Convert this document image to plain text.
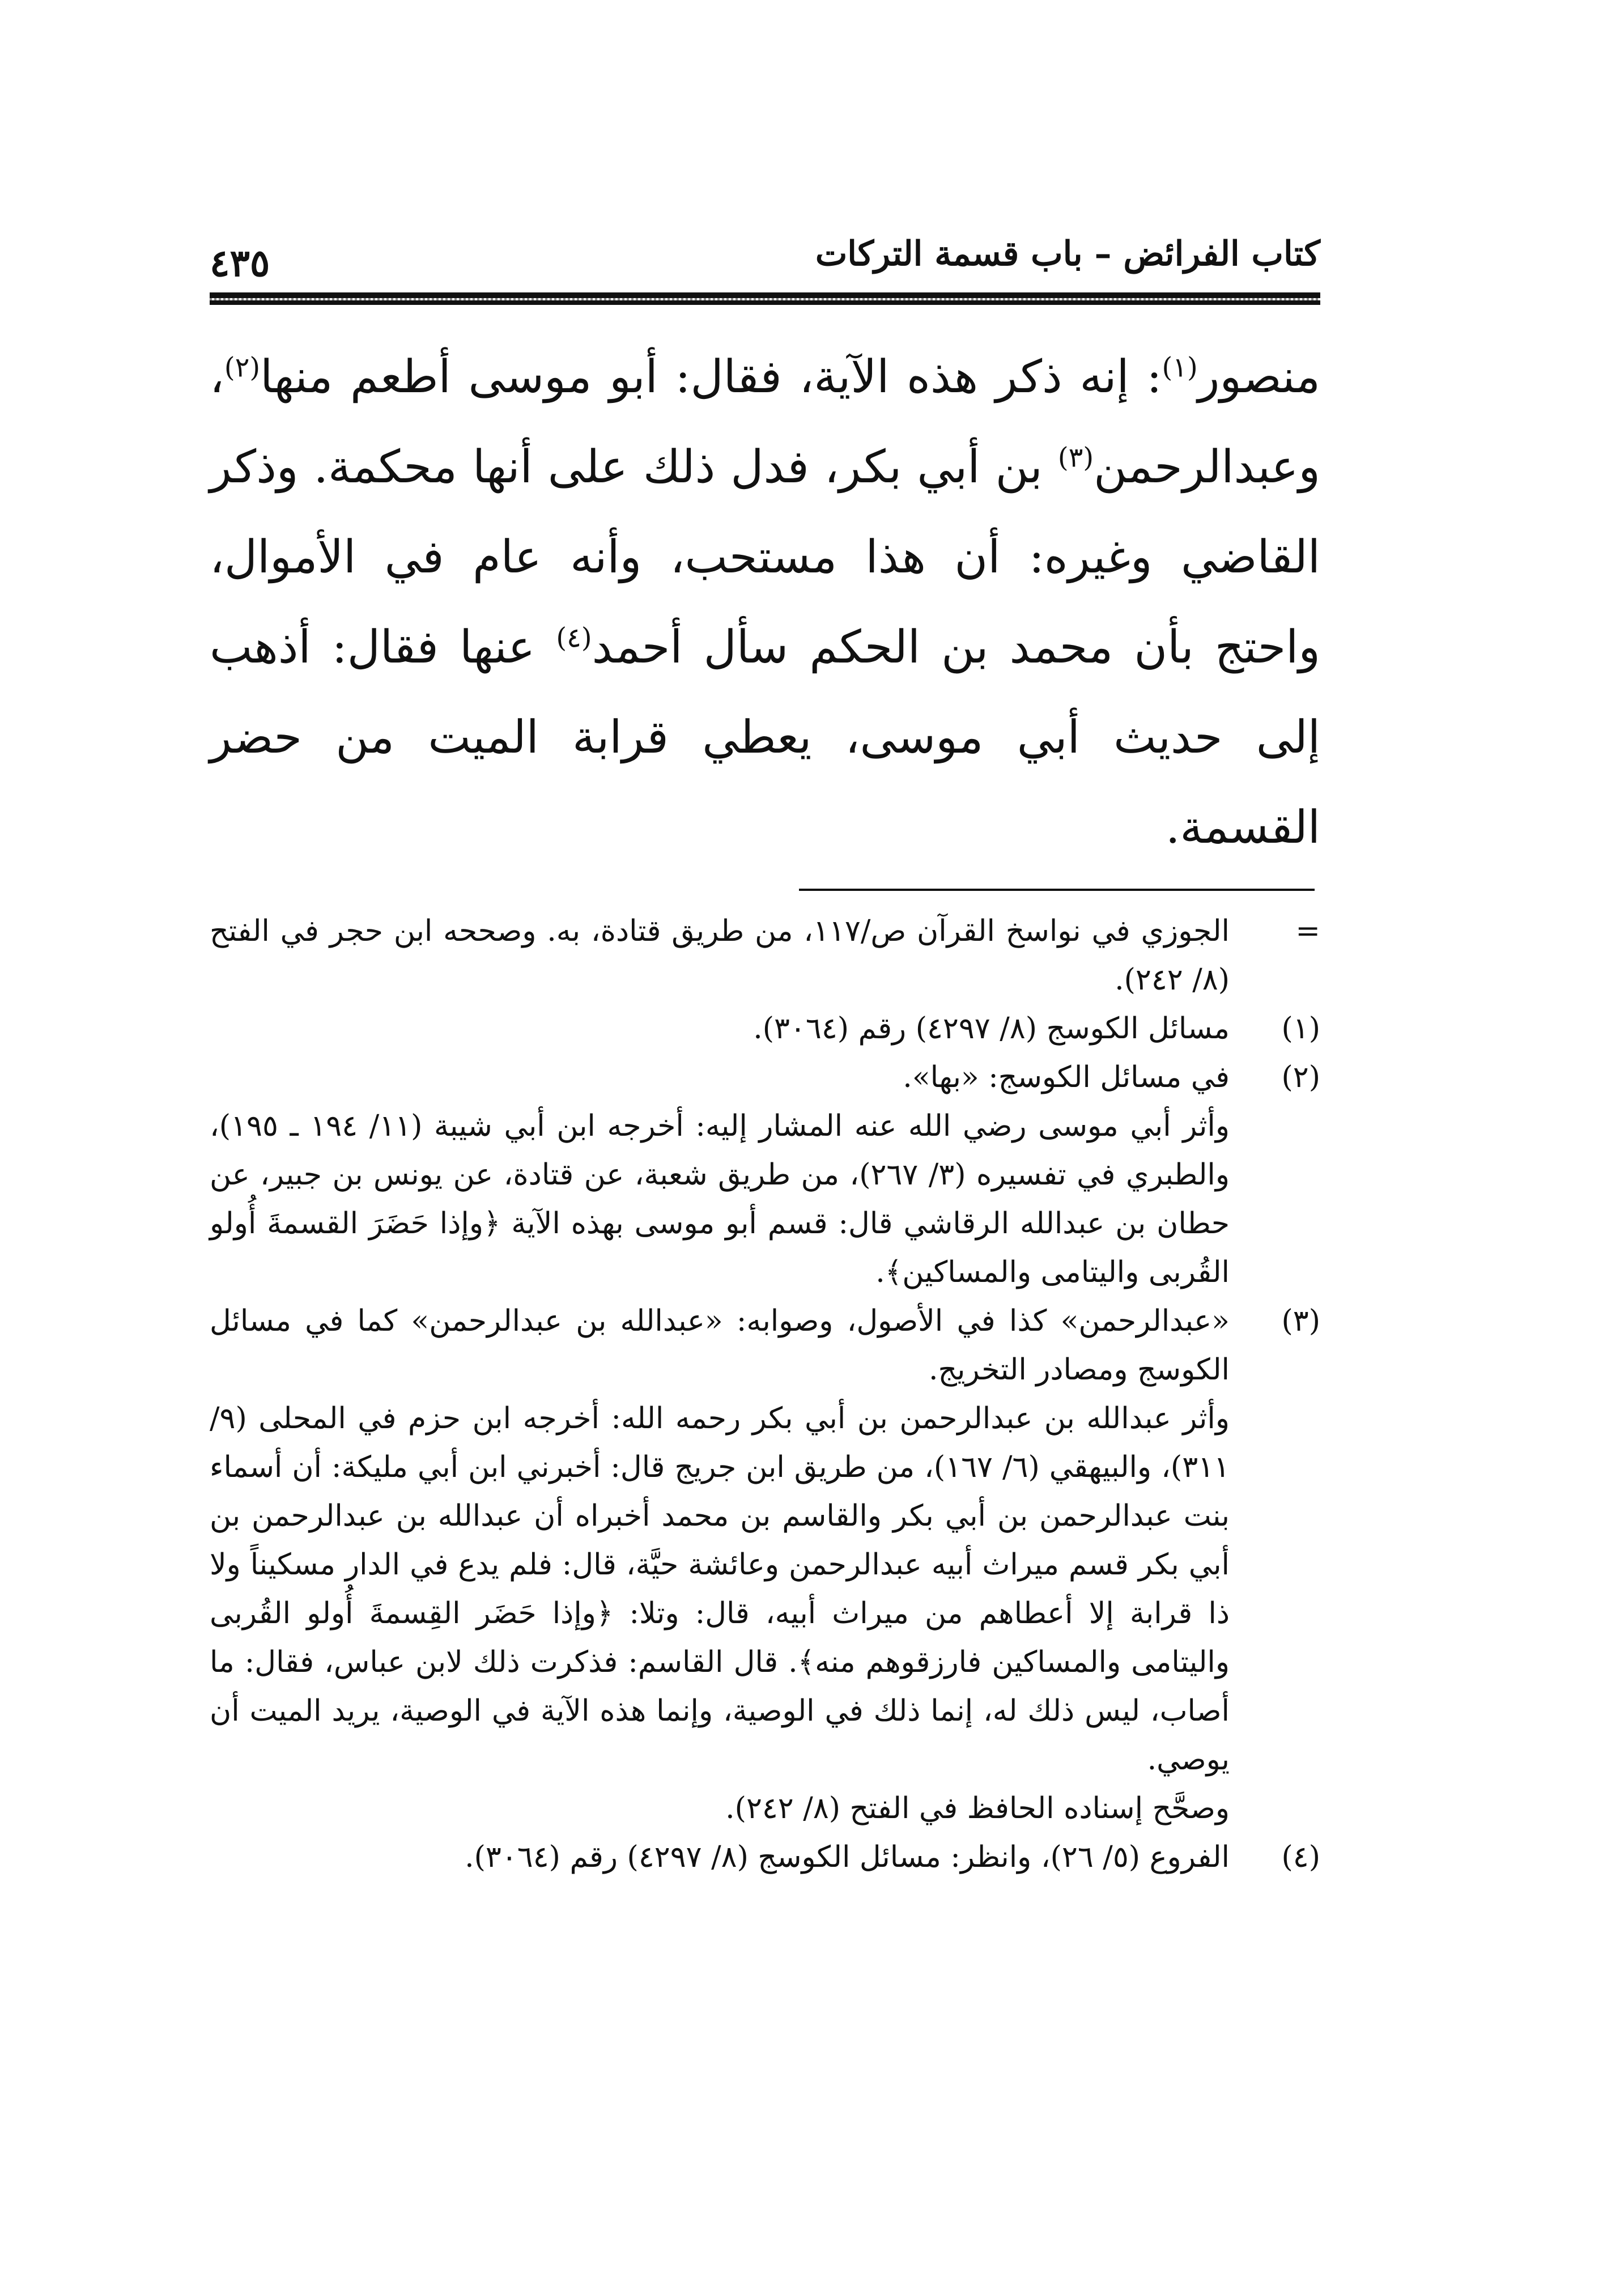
٤٣٥	كتاب الفرائض – باب قسمة التركات

منصور$^{(١)}$: إنه ذكر هذه الآية، فقال: أبو موسى أطعم منها$^{(٢)}$، وعبدالرحمن$^{(٣)}$ بن أبي بكر، فدل ذلك على أنها محكمة. وذكر القاضي وغيره: أن هذا مستحب، وأنه عام في الأموال، واحتج بأن محمد بن الحكم سأل أحمد$^{(٤)}$ عنها فقال: أذهب إلى حديث أبي موسى، يعطي قرابة الميت من حضر القسمة.

=
الجوزي في نواسخ القرآن ص/١١٧، من طريق قتادة، به. وصححه ابن حجر في الفتح (٨/ ٢٤٢).
(١)
مسائل الكوسج (٨/ ٤٢٩٧) رقم (٣٠٦٤).
(٢)
في مسائل الكوسج: «بها».

وأثر أبي موسى رضي الله عنه المشار إليه: أخرجه ابن أبي شيبة (١١/ ١٩٤ ـ ١٩٥)، والطبري في تفسيره (٣/ ٢٦٧)، من طريق شعبة، عن قتادة، عن يونس بن جبير، عن حطان بن عبدالله الرقاشي قال: قسم أبو موسى بهذه الآية ﴿وإذا حَضَرَ القسمةَ أُولو القُربى واليتامى والمساكين﴾.

(٣)
«عبدالرحمن» كذا في الأصول، وصوابه: «عبدالله بن عبدالرحمن» كما في مسائل الكوسج ومصادر التخريج.

وأثر عبدالله بن عبدالرحمن بن أبي بكر رحمه الله: أخرجه ابن حزم في المحلى (٩/ ٣١١)، والبيهقي (٦/ ١٦٧)، من طريق ابن جريج قال: أخبرني ابن أبي مليكة: أن أسماء بنت عبدالرحمن بن أبي بكر والقاسم بن محمد أخبراه أن عبدالله بن عبدالرحمن بن أبي بكر قسم ميراث أبيه عبدالرحمن وعائشة حيَّة، قال: فلم يدع في الدار مسكيناً ولا ذا قرابة إلا أعطاهم من ميراث أبيه، قال: وتلا: ﴿وإذا حَضَر القِسمةَ أُولو القُربى واليتامى والمساكين فارزقوهم منه﴾. قال القاسم: فذكرت ذلك لابن عباس، فقال: ما أصاب، ليس ذلك له، إنما ذلك في الوصية، وإنما هذه الآية في الوصية، يريد الميت أن يوصي.

وصحَّح إسناده الحافظ في الفتح (٨/ ٢٤٢).

(٤)
الفروع (٥/ ٢٦)، وانظر: مسائل الكوسج (٨/ ٤٢٩٧) رقم (٣٠٦٤).
